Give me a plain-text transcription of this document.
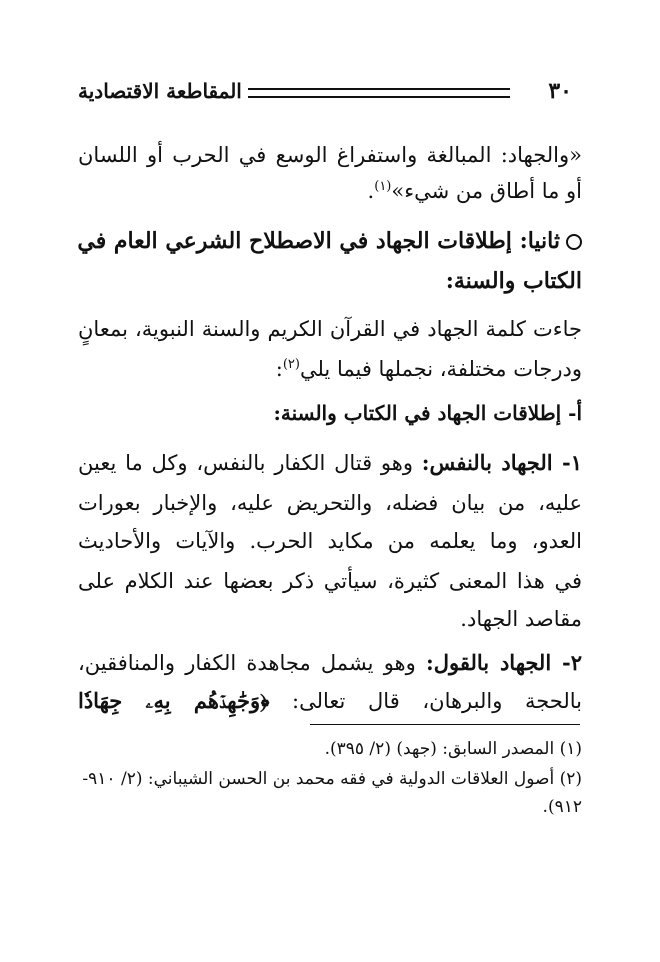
المقاطعة الاقتصادية	٣٠
«والجهاد: المبالغة واستفراغ الوسع في الحرب أو اللسان
أو ما أطاق من شيء»$^{(١)}$.
ثانيا: إطلاقات الجهاد في الاصطلاح الشرعي العام في
الكتاب والسنة:
جاءت كلمة الجهاد في القرآن الكريم والسنة النبوية، بمعانٍ
ودرجات مختلفة، نجملها فيما يلي$^{(٢)}$:
أ- إطلاقات الجهاد في الكتاب والسنة:
١- الجهاد بالنفس: وهو قتال الكفار بالنفس، وكل ما يعين
عليه، من بيان فضله، والتحريض عليه، والإخبار بعورات
العدو، وما يعلمه من مكايد الحرب. والآيات والأحاديث
في هذا المعنى كثيرة، سيأتي ذكر بعضها عند الكلام على
مقاصد الجهاد.
٢- الجهاد بالقول: وهو يشمل مجاهدة الكفار والمنافقين،
بالحجة والبرهان، قال تعالى: ﴿وَجَٰهِدۡهُم بِهِۦ جِهَادٗا
(١) المصدر السابق: (جهد) (٢/ ٣٩٥).
(٢) أصول العلاقات الدولية في فقه محمد بن الحسن الشيباني: (٢/ ٩١٠-
٩١٢).
